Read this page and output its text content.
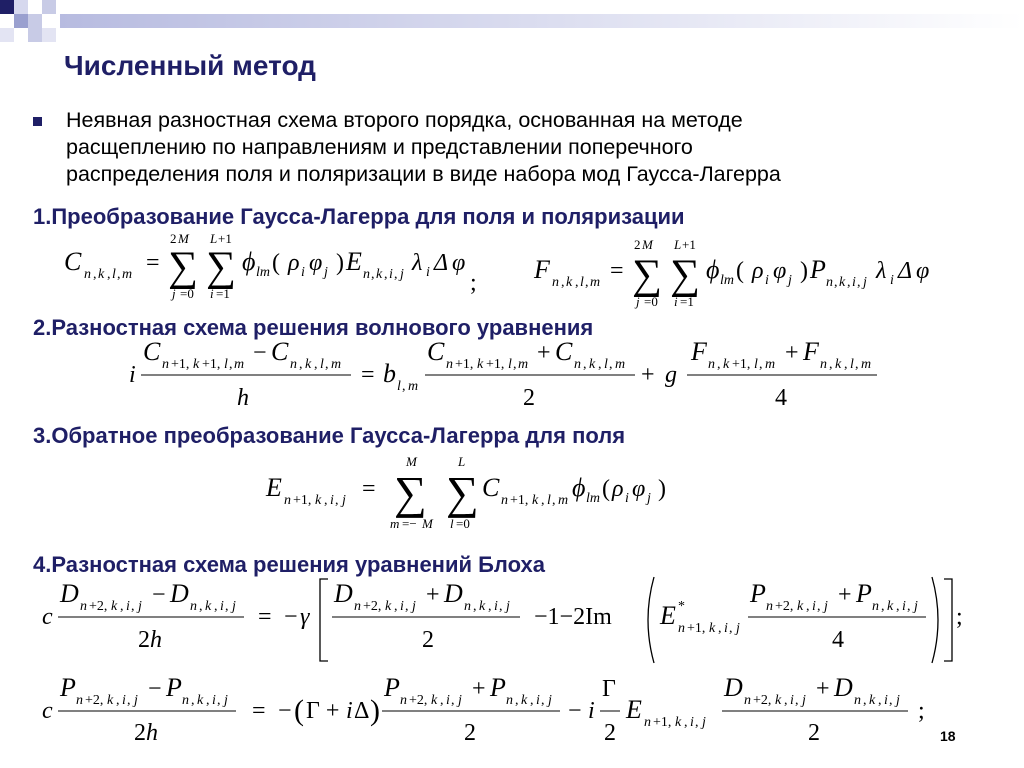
Численный метод
Неявная разностная схема второго порядка, основанная на методе
расщеплению по направлениям и представлении поперечного
распределения поля и поляризации в виде набора мод Гаусса-Лагерра
1.Преобразование Гаусса-Лагерра для поля и поляризации
2.Разностная схема решения волнового уравнения
3.Обратное преобразование Гаусса-Лагерра для поля
4.Разностная схема решения уравнений Блоха
C n , k , l , m =
2 M
∑
j =0
L +1
∑
i =1
ϕ lm ( ρ i φ j ) E n , k , i , j λ i Δ φ
; F n , k , l , m =
2 M
∑
j =0
L +1
∑
i =1
ϕ lm ( ρ i φ j ) P n , k , i , j λ i Δ φ
i
C n +1, k +1, l , m − C n , k , l , m
h
= b l , m
C n +1, k +1, l , m + C n , k , l , m
2
+ g
F n , k +1, l , m + F n , k , l , m
4
E n +1, k , i , j =
M
∑
m =− M
L
∑
l =0
C n +1, k , l , m ϕ lm ( ρ i φ j )
c
D n +2, k , i , j − D n , k , i , j
2 h
= − γ
D n +2, k , i , j + D n , k , i , j
2
−1−2Im E *
n +1, k , i , j
P n +2, k , i , j + P n , k , i , j
4
;
c
P n +2, k , i , j − P n , k , i , j
2 h
= − ( Γ + i Δ )
P n +2, k , i , j + P n , k , i , j
2
− i
Γ
2
E n +1, k , i , j
D n +2, k , i , j + D n , k , i , j
2
;
18
